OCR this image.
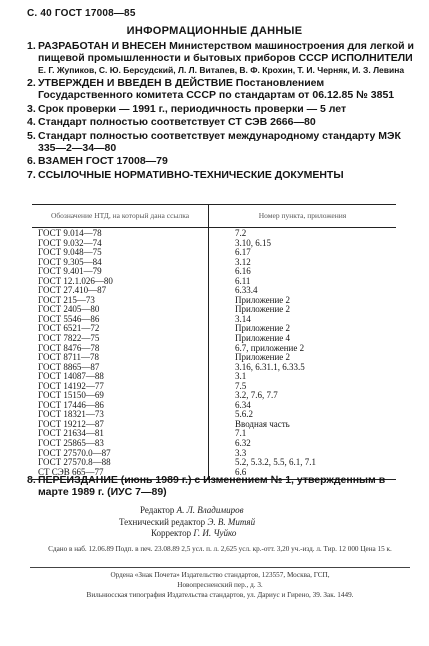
С. 40 ГОСТ 17008—85
ИНФОРМАЦИОННЫЕ ДАННЫЕ
1. РАЗРАБОТАН И ВНЕСЕН Министерством машиностроения для легкой и пищевой промышленности и бытовых приборов СССР ИСПОЛНИТЕЛИ
Е. Г. Жупиков, С. Ю. Берсудский, Л. Л. Витапев, В. Ф. Крохин, Т. И. Черняк, И. З. Левина
2. УТВЕРЖДЕН И ВВЕДЕН В ДЕЙСТВИЕ Постановлением Государственного комитета СССР по стандартам от 06.12.85 № 3851
3. Срок проверки — 1991 г., периодичность проверки — 5 лет
4. Стандарт полностью соответствует СТ СЭВ 2666—80
5. Стандарт полностью соответствует международному стандарту МЭК 335—2—34—80
6. ВЗАМЕН ГОСТ 17008—79
7. ССЫЛОЧНЫЕ НОРМАТИВНО-ТЕХНИЧЕСКИЕ ДОКУМЕНТЫ
Обозначение НТД, на который дана ссылка	Номер пункта, приложения
ГОСТ 9.014—78	7.2
ГОСТ 9.032—74	3.10, 6.15
ГОСТ 9.048—75	6.17
ГОСТ 9.305—84	3.12
ГОСТ 9.401—79	6.16
ГОСТ 12.1.026—80	6.11
ГОСТ 27.410—87	6.33.4
ГОСТ 215—73	Приложение 2
ГОСТ 2405—80	Приложение 2
ГОСТ 5546—86	3.14
ГОСТ 6521—72	Приложение 2
ГОСТ 7822—75	Приложение 4
ГОСТ 8476—78	6.7, приложение 2
ГОСТ 8711—78	Приложение 2
ГОСТ 8865—87	3.16, 6.31.1, 6.33.5
ГОСТ 14087—88	3.1
ГОСТ 14192—77	7.5
ГОСТ 15150—69	3.2, 7.6, 7.7
ГОСТ 17446—86	6.34
ГОСТ 18321—73	5.6.2
ГОСТ 19212—87	Вводная часть
ГОСТ 21634—81	7.1
ГОСТ 25865—83	6.32
ГОСТ 27570.0—87	3.3
ГОСТ 27570.8—88	5.2, 5.3.2, 5.5, 6.1, 7.1
СТ СЭВ 665—77	6.6
8. ПЕРЕИЗДАНИЕ (июнь 1989 г.) с Изменением № 1, утвержденным в марте 1989 г. (ИУС 7—89)
Редактор А. Л. Владимиров
Технический редактор Э. В. Митяй
Корректор Г. И. Чуйко
Сдано в наб. 12.06.89 Подп. в печ. 23.08.89 2,5 усл. п. л. 2,625 усл. кр.-отт. 3,20 уч.-изд. л. Тир. 12 000 Цена 15 к.
Ордена «Знак Почета» Издательство стандартов, 123557, Москва, ГСП,
Новопресненский пер., д. 3.
Вильнюсская типография Издательства стандартов, ул. Дариус и Гирено, 39. Зак. 1449.
